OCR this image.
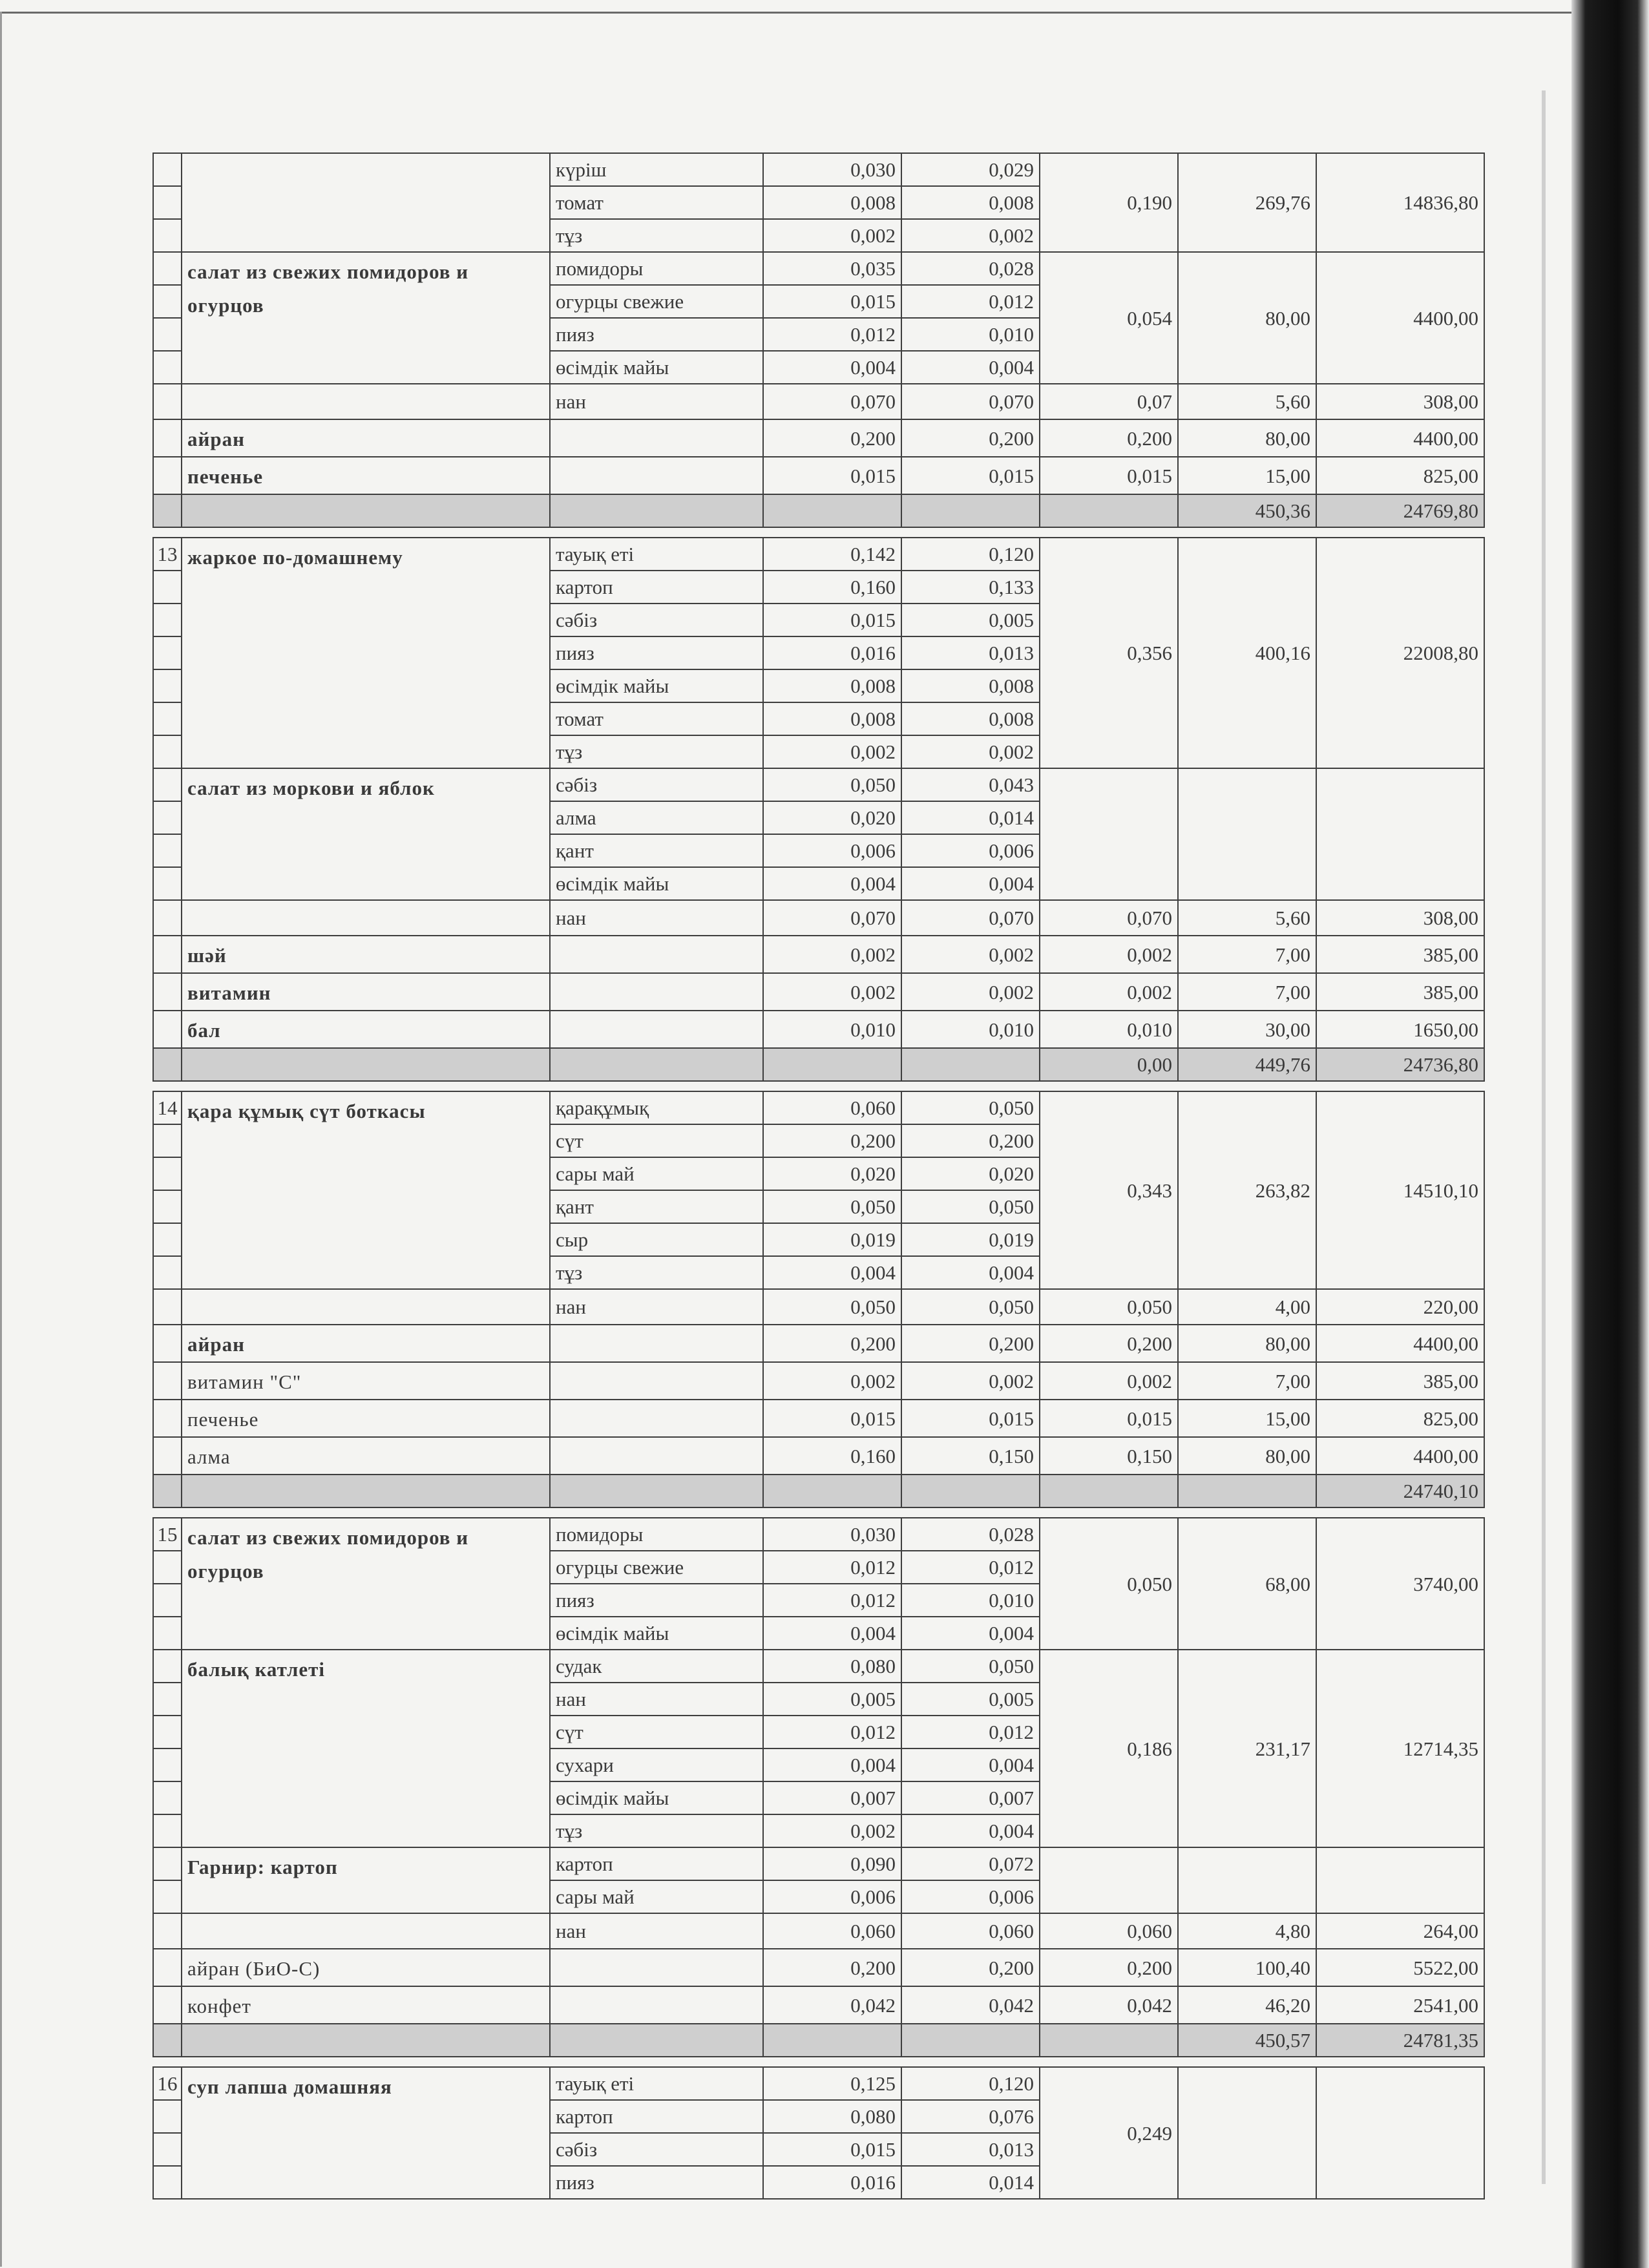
		күріш	0,030	0,029	0,190	269,76	14836,80
		томат	0,008	0,008			
		тұз	0,002	0,002			
	салат из свежих помидоров и огурцов	помидоры	0,035	0,028	0,054	80,00	4400,00
		огурцы свежие	0,015	0,012			
		пияз	0,012	0,010			
		өсімдік майы	0,004	0,004			
		нан	0,070	0,070	0,07	5,60	308,00
	айран		0,200	0,200	0,200	80,00	4400,00
	печенье		0,015	0,015	0,015	15,00	825,00
						450,36	24769,80
13	жаркое по-домашнему	тауық еті	0,142	0,120	0,356	400,16	22008,80
		картоп	0,160	0,133			
		сәбіз	0,015	0,005			
		пияз	0,016	0,013			
		өсімдік майы	0,008	0,008			
		томат	0,008	0,008			
		тұз	0,002	0,002			
	салат из моркови и яблок	сәбіз	0,050	0,043			
		алма	0,020	0,014			
		қант	0,006	0,006			
		өсімдік майы	0,004	0,004			
		нан	0,070	0,070	0,070	5,60	308,00
	шәй		0,002	0,002	0,002	7,00	385,00
	витамин		0,002	0,002	0,002	7,00	385,00
	бал		0,010	0,010	0,010	30,00	1650,00
					0,00	449,76	24736,80
14	қара құмық сүт боткасы	қарақұмық	0,060	0,050	0,343	263,82	14510,10
		сүт	0,200	0,200			
		сары май	0,020	0,020			
		қант	0,050	0,050			
		сыр	0,019	0,019			
		тұз	0,004	0,004			
		нан	0,050	0,050	0,050	4,00	220,00
	айран		0,200	0,200	0,200	80,00	4400,00
	витамин "С"		0,002	0,002	0,002	7,00	385,00
	печенье		0,015	0,015	0,015	15,00	825,00
	алма		0,160	0,150	0,150	80,00	4400,00
							24740,10
15	салат из свежих помидоров и огурцов	помидоры	0,030	0,028	0,050	68,00	3740,00
		огурцы свежие	0,012	0,012			
		пияз	0,012	0,010			
		өсімдік майы	0,004	0,004			
	балық катлеті	судак	0,080	0,050	0,186	231,17	12714,35
		нан	0,005	0,005			
		сүт	0,012	0,012			
		сухари	0,004	0,004			
		өсімдік майы	0,007	0,007			
		тұз	0,002	0,004			
	Гарнир: картоп	картоп	0,090	0,072			
		сары май	0,006	0,006			
		нан	0,060	0,060	0,060	4,80	264,00
	айран (БиО-С)		0,200	0,200	0,200	100,40	5522,00
	конфет		0,042	0,042	0,042	46,20	2541,00
						450,57	24781,35
16	суп лапша домашняя	тауық еті	0,125	0,120	0,249		
		картоп	0,080	0,076			
		сәбіз	0,015	0,013			
		пияз	0,016	0,014			
